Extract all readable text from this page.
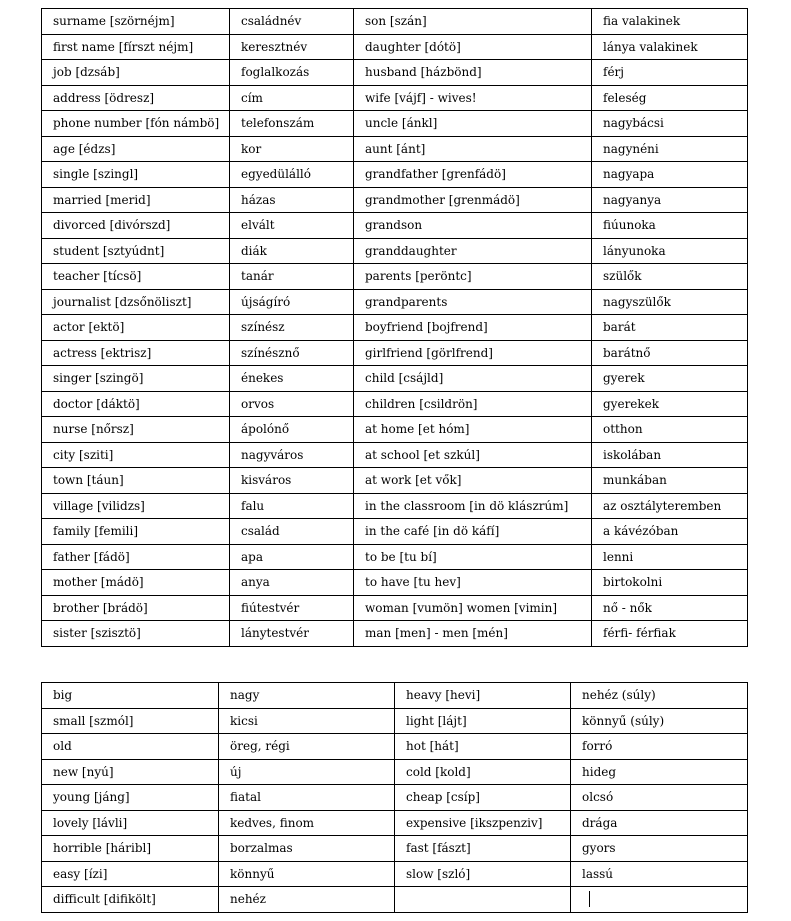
surname [szörnéjm]	családnév	son [szán]	fia valakinek
first name [fírszt néjm]	keresztnév	daughter [dótö]	lánya valakinek
job [dzsáb]	foglalkozás	husband [házbönd]	férj
address [ödresz]	cím	wife [vájf] - wives!	feleség
phone number [fón námbö]	telefonszám	uncle [ánkl]	nagybácsi
age [édzs]	kor	aunt [ánt]	nagynéni
single [szingl]	egyedülálló	grandfather [grenfádö]	nagyapa
married [merid]	házas	grandmother [grenmádö]	nagyanya
divorced [divórszd]	elvált	grandson	fiúunoka
student [sztyúdnt]	diák	granddaughter	lányunoka
teacher [tícsö]	tanár	parents [peröntc]	szülők
journalist [dzsőnöliszt]	újságíró	grandparents	nagyszülők
actor [ektö]	színész	boyfriend [bojfrend]	barát
actress [ektrisz]	színésznő	girlfriend [görlfrend]	barátnő
singer [szingö]	énekes	child [csájld]	gyerek
doctor [dáktö]	orvos	children [csildrön]	gyerekek
nurse [nőrsz]	ápolónő	at home [et hóm]	otthon
city [sziti]	nagyváros	at school [et szkúl]	iskolában
town [táun]	kisváros	at work [et vők]	munkában
village [vilidzs]	falu	in the classroom [in dö klászrúm]	az osztályteremben
family [femili]	család	in the café [in dö káfí]	a kávézóban
father [fádö]	apa	to be [tu bí]	lenni
mother [mádö]	anya	to have [tu hev]	birtokolni
brother [brádö]	fiútestvér	woman [vumön] women [vimin]	nő - nők
sister [szisztö]	lánytestvér	man [men] - men [mén]	férfi- férfiak
big	nagy	heavy [hevi]	nehéz (súly)
small [szmól]	kicsi	light [lájt]	könnyű (súly)
old	öreg, régi	hot [hát]	forró
new [nyú]	új	cold [kold]	hideg
young [jáng]	fiatal	cheap [csíp]	olcsó
lovely [lávli]	kedves, finom	expensive [ikszpenziv]	drága
horrible [háribl]	borzalmas	fast [fászt]	gyors
easy [ízi]	könnyű	slow [szló]	lassú
difficult [difikölt]	nehéz		
